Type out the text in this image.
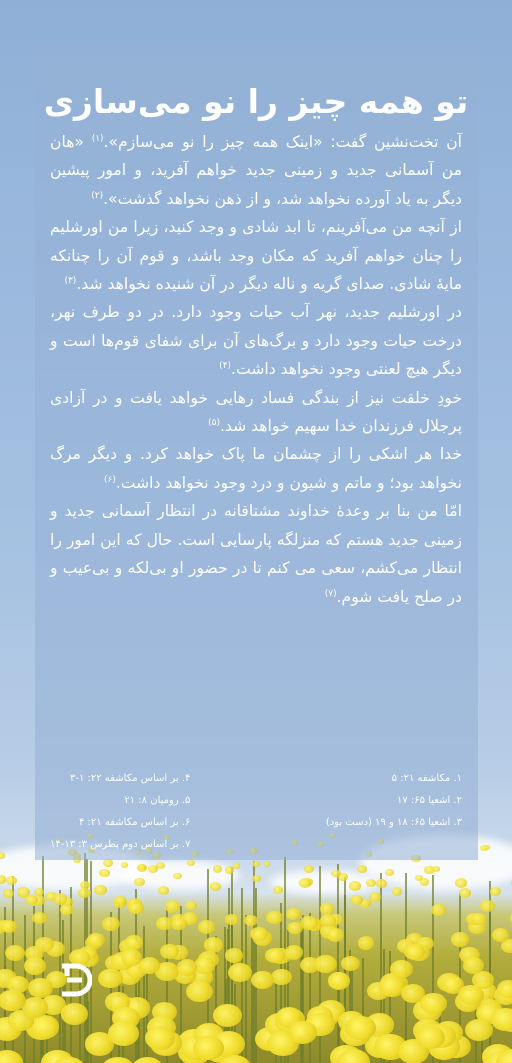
تو همه چیز را نو می‌سازی

آن تخت‌نشین گفت: «اینک همه چیز را نو می‌سازم».$^{(۱)}$ «هان من آسمانی جدید و زمینی جدید خواهم آفرید، و امور پیشین دیگر به یاد آورده نخواهد شد، و از ذهن نخواهد گذشت».$^{(۲)}$

از آنچه من می‌آفرینم، تا ابد شادی و وجد کنید، زیرا من اورشلیم را چنان خواهم آفرید که مکان وجد باشد، و قوم آن را چنانکه مایهٔ شادی. صدای گریه و ناله دیگر در آن شنیده نخواهد شد.$^{(۳)}$

در اورشلیم جدید، نهر آب حیات وجود دارد. در دو طرف نهر، درخت حیات وجود دارد و برگ‌های آن برای شفای قوم‌ها است و دیگر هیچ لعنتی وجود نخواهد داشت.$^{(۴)}$

خودِ خلقت نیز از بندگی فساد رهایی خواهد یافت و در آزادی پرجلال فرزندان خدا سهیم خواهد شد.$^{(۵)}$

خدا هر اشکی را از چشمان ما پاک خواهد کرد. و دیگر مرگ نخواهد بود؛ و ماتم و شیون و درد وجود نخواهد داشت.$^{(۶)}$

امّا من بنا بر وعدهٔ خداوند مشتاقانه در انتظار آسمانی جدید و زمینی جدید هستم که منزلگه پارسایی است. حال که این امور را انتظار می‌کشم، سعی می کنم تا در حضور او بی‌لکه و بی‌عیب و در صلح یافت شوم.$^{(۷)}$

۱. مکاشفه ۲۱: ۵
۲. اشعیا ۶۵: ۱۷
۳. اشعیا ۶۵: ۱۸ و ۱۹ (دست بود)
۴. بر اساس مکاشفه ۲۲: ۱-۳
۵. رومیان ۸: ۲۱
۶. بر اساس مکاشفه ۲۱: ۴
۷. بر اساس دوم پطرس ۳: ۱۳-۱۴
